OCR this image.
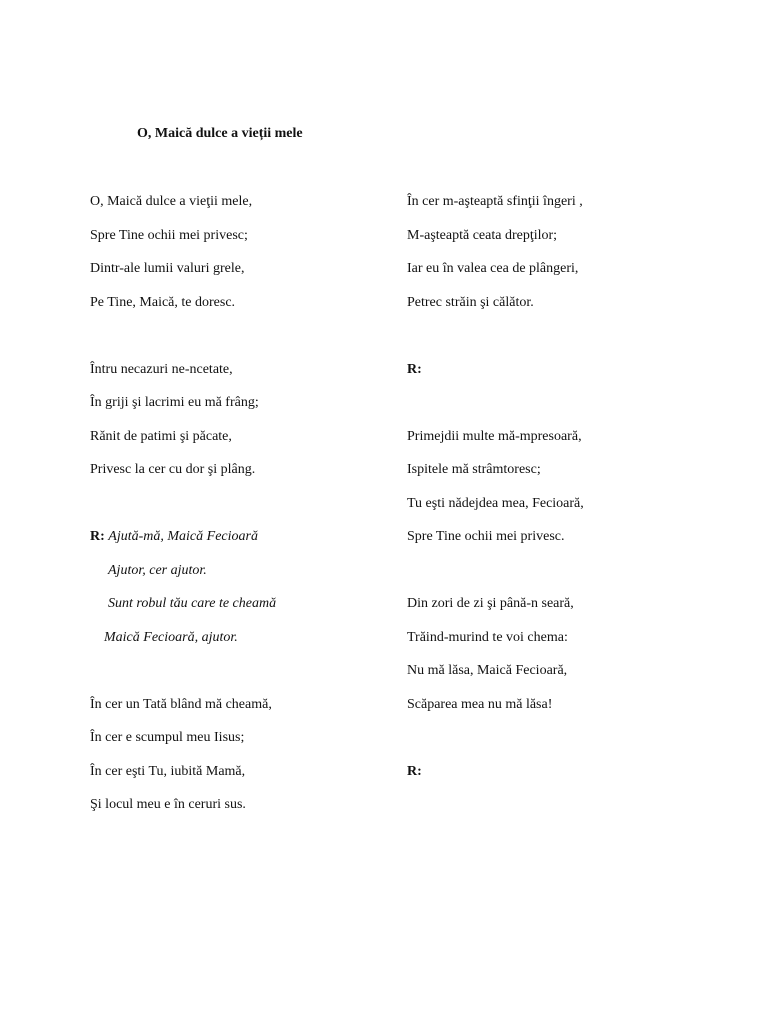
O, Maică dulce a vieții mele
O, Maică dulce a vieţii mele,
Spre Tine ochii mei privesc;
Dintr-ale lumii valuri grele,
Pe Tine, Maică, te doresc.
Întru necazuri ne-ncetate,
În griji şi lacrimi eu mă frâng;
Rănit de patimi şi păcate,
Privesc la cer cu dor şi plâng.
R: Ajută-mă, Maică Fecioară
Ajutor, cer ajutor.
Sunt robul tău care te cheamă
Maică Fecioară, ajutor.
În cer un Tată blând mă cheamă,
În cer e scumpul meu Iisus;
În cer eşti Tu, iubită Mamă,
Şi locul meu e în ceruri sus.
În cer m-aşteaptă sfinţii îngeri ,
M-aşteaptă ceata drepţilor;
Iar eu în valea cea de plângeri,
Petrec străin şi călător.
R:
Primejdii multe mă-mpresoară,
Ispitele mă strâmtoresc;
Tu eşti nădejdea mea, Fecioară,
Spre Tine ochii mei privesc.
Din zori de zi şi până-n seară,
Trăind-murind te voi chema:
Nu mă lăsa, Maică Fecioară,
Scăparea mea nu mă lăsa!
R:
